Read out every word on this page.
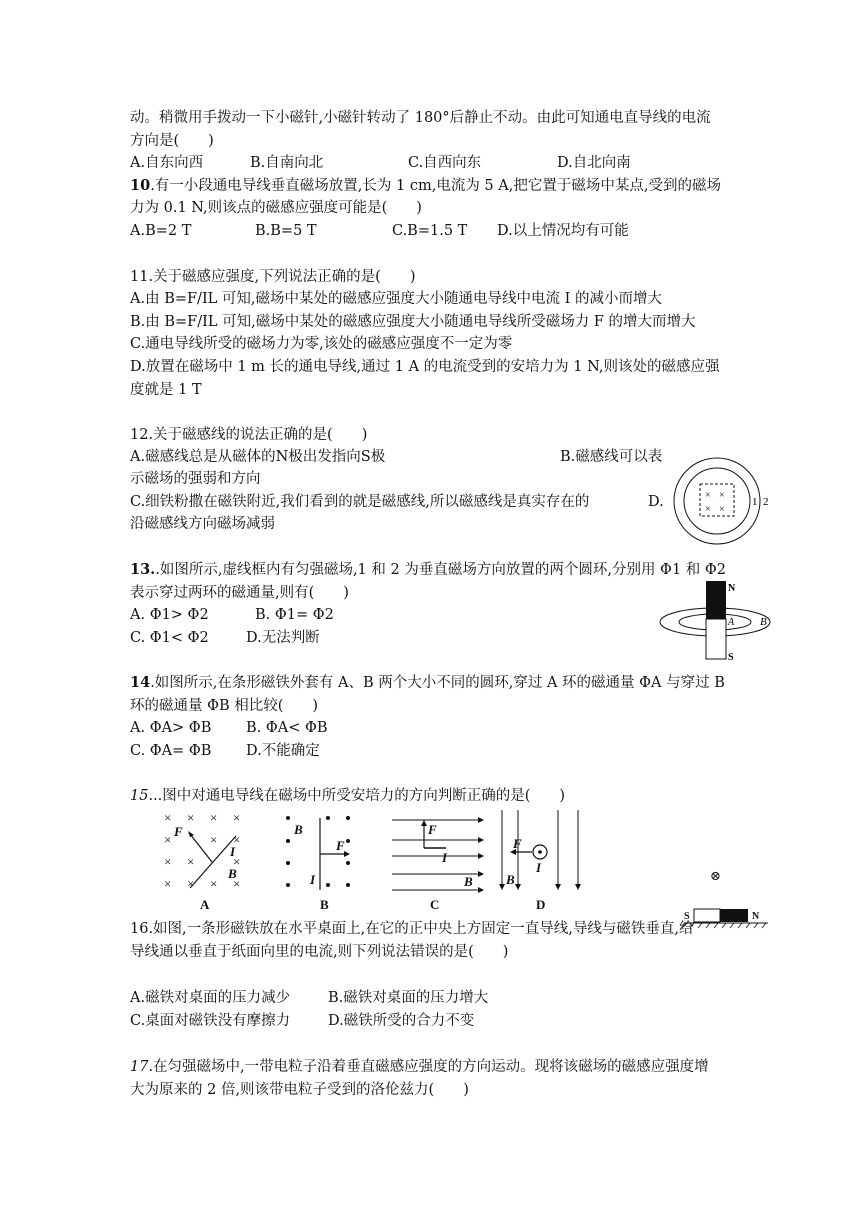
动。稍微用手拨动一下小磁针,小磁针转动了 180°后静止不动。由此可知通电直导线的电流
方向是(　　)
A.自东向西	B.自南向北	C.自西向东	D.自北向南
10.有一小段通电导线垂直磁场放置,长为 1 cm,电流为 5 A,把它置于磁场中某点,受到的磁场
力为 0.1 N,则该点的磁感应强度可能是(　　)
A.B=2 T	B.B=5 T	C.B=1.5 T D.以上情况均有可能
11.关于磁感应强度,下列说法正确的是(　　)
A.由 B=F/IL 可知,磁场中某处的磁感应强度大小随通电导线中电流 I 的减小而增大
B.由 B=F/IL 可知,磁场中某处的磁感应强度大小随通电导线所受磁场力 F 的增大而增大
C.通电导线所受的磁场力为零,该处的磁感应强度不一定为零
D.放置在磁场中 1 m 长的通电导线,通过 1 A 的电流受到的安培力为 1 N,则该处的磁感应强
度就是 1 T
12.关于磁感线的说法正确的是(　　)
A.磁感线总是从磁体的N极出发指向S极	B.磁感线可以表
示磁场的强弱和方向
C.细铁粉撒在磁铁附近,我们看到的就是磁感线,所以磁感线是真实存在的	D.
沿磁感线方向磁场减弱
× ×
× ×
1 2
13..如图所示,虚线框内有匀强磁场,1 和 2 为垂直磁场方向放置的两个圆环,分别用 Φ1 和 Φ2
表示穿过两环的磁通量,则有(　　)
A. Φ1> Φ2	B. Φ1= Φ2
C. Φ1< Φ2	D.无法判断
N
S
A B
14.如图所示,在条形磁铁外套有 A、B 两个大小不同的圆环,穿过 A 环的磁通量 ΦA 与穿过 B
环的磁通量 ΦB 相比较(　　)
A. ΦA> ΦB B. ΦA< ΦB
C. ΦA= ΦB D.不能确定
15...图中对通电导线在磁场中所受安培力的方向判断正确的是(　　)
× × × ×
×	× ×
× ×	×
× × × ×
F
I
B
A
B
F
I
B
F
I
B
C
F
I
B
D
⊗
S	N
16.如图,一条形磁铁放在水平桌面上,在它的正中央上方固定一直导线,导线与磁铁垂直,给
导线通以垂直于纸面向里的电流,则下列说法错误的是(　　)
A.磁铁对桌面的压力减少	B.磁铁对桌面的压力增大
C.桌面对磁铁没有摩擦力	D.磁铁所受的合力不变
17.在匀强磁场中,一带电粒子沿着垂直磁感应强度的方向运动。现将该磁场的磁感应强度增
大为原来的 2 倍,则该带电粒子受到的洛伦兹力(　　)
